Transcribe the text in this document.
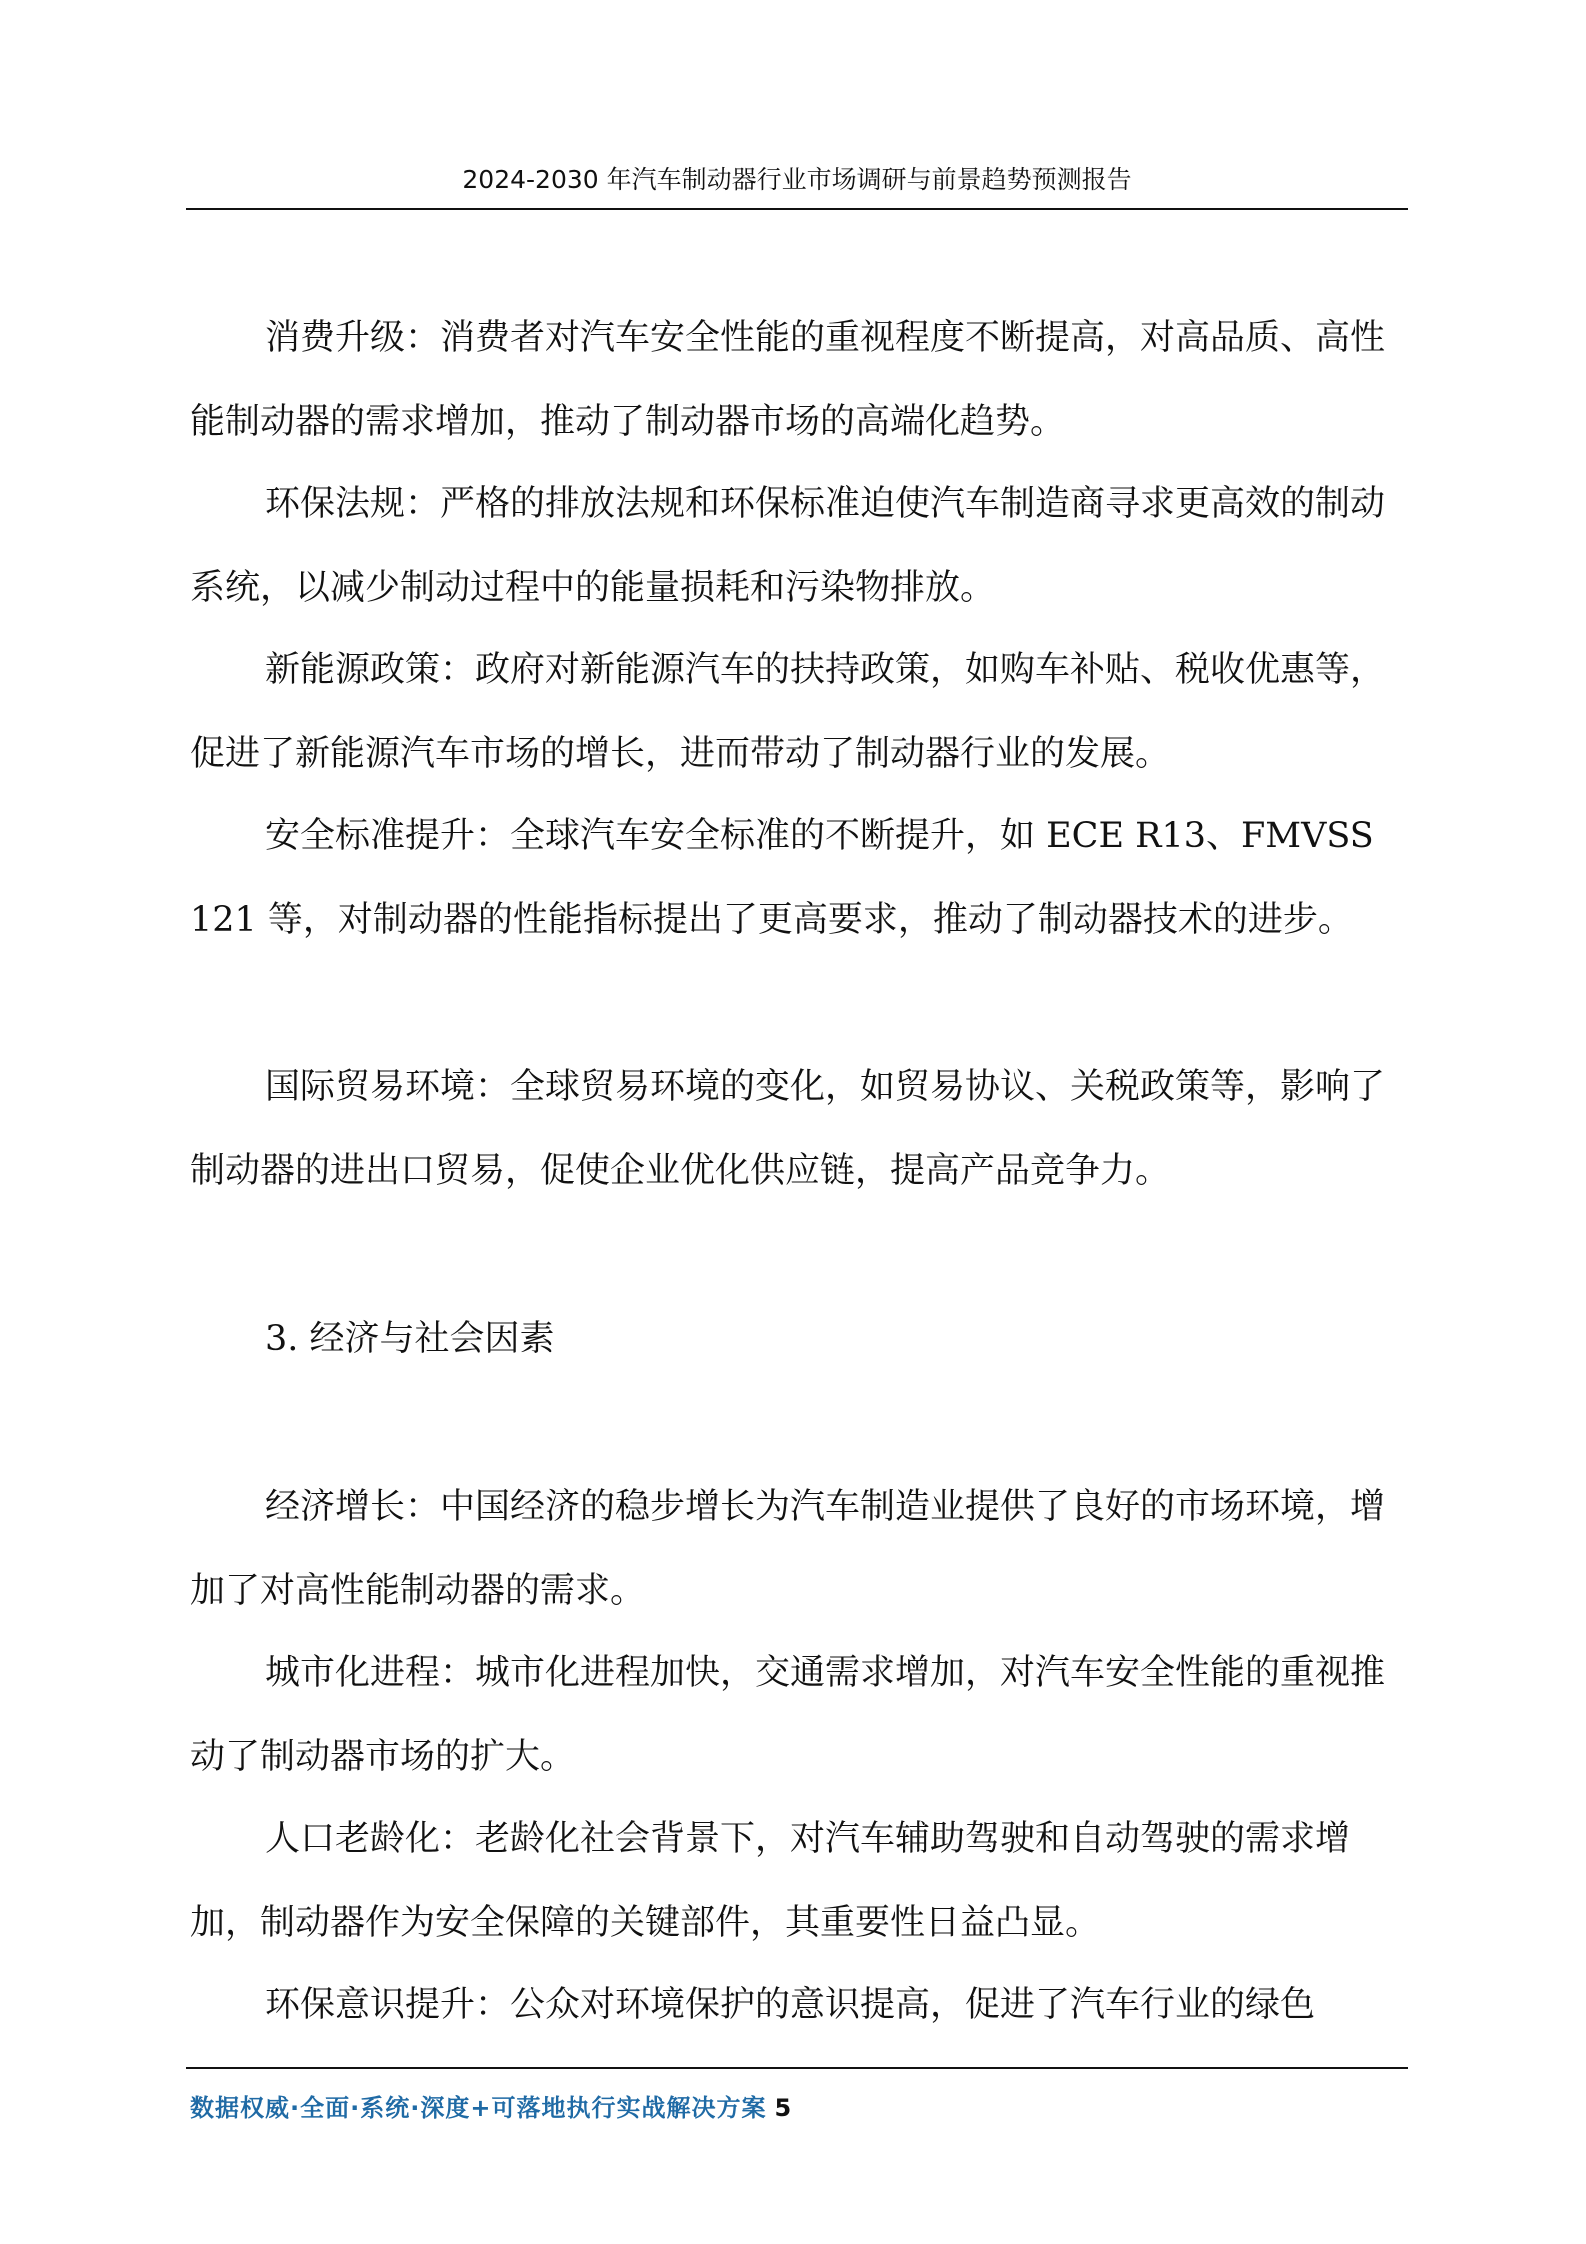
2024-2030 年汽车制动器行业市场调研与前景趋势预测报告

消费升级：消费者对汽车安全性能的重视程度不断提高，对高品质、高性能制动器的需求增加，推动了制动器市场的高端化趋势。

环保法规：严格的排放法规和环保标准迫使汽车制造商寻求更高效的制动系统，以减少制动过程中的能量损耗和污染物排放。

新能源政策：政府对新能源汽车的扶持政策，如购车补贴、税收优惠等，促进了新能源汽车市场的增长，进而带动了制动器行业的发展。

安全标准提升：全球汽车安全标准的不断提升，如 ECE R13、FMVSS 121 等，对制动器的性能指标提出了更高要求，推动了制动器技术的进步。

国际贸易环境：全球贸易环境的变化，如贸易协议、关税政策等，影响了制动器的进出口贸易，促使企业优化供应链，提高产品竞争力。

3. 经济与社会因素

经济增长：中国经济的稳步增长为汽车制造业提供了良好的市场环境，增加了对高性能制动器的需求。

城市化进程：城市化进程加快，交通需求增加，对汽车安全性能的重视推动了制动器市场的扩大。

人口老龄化：老龄化社会背景下，对汽车辅助驾驶和自动驾驶的需求增加，制动器作为安全保障的关键部件，其重要性日益凸显。

环保意识提升：公众对环境保护的意识提高，促进了汽车行业的绿色

数据权威·全面·系统·深度+可落地执行实战解决方案 5
